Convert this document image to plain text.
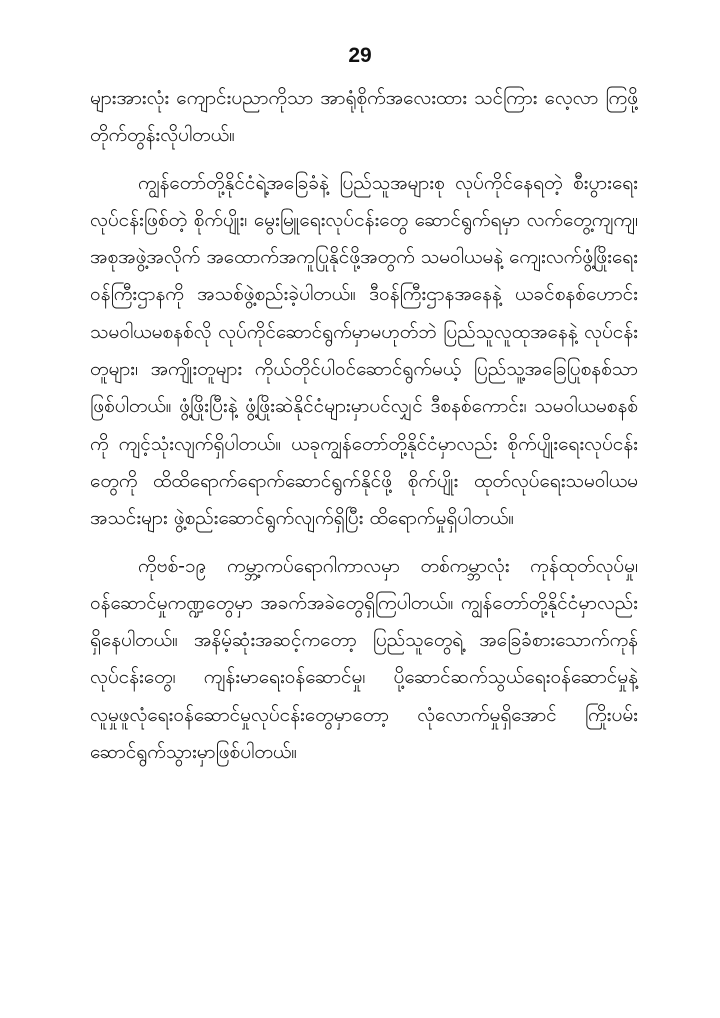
29

များအားလုံး ကျောင်းပညာကိုသာ အာရုံစိုက်အလေးထား သင်ကြား လေ့လာ ကြဖို့ တိုက်တွန်းလိုပါတယ်။

ကျွန်တော်တို့နိုင်ငံရဲ့အခြေခံနဲ့ ပြည်သူအများစု လုပ်ကိုင်နေရတဲ့ စီးပွားရေးလုပ်ငန်းဖြစ်တဲ့ စိုက်ပျိုး၊ မွေးမြူရေးလုပ်ငန်းတွေ ဆောင်ရွက်ရမှာ လက်တွေ့ကျကျ၊ အစုအဖွဲ့အလိုက် အထောက်အကူပြုနိုင်ဖို့အတွက် သမဝါယမနဲ့ ကျေးလက်ဖွံ့ဖြိုးရေးဝန်ကြီးဌာနကို အသစ်ဖွဲ့စည်းခဲ့ပါတယ်။ ဒီဝန်ကြီးဌာနအနေနဲ့ ယခင်စနစ်ဟောင်း သမဝါယမစနစ်လို လုပ်ကိုင်ဆောင်ရွက်မှာမဟုတ်ဘဲ ပြည်သူလူထုအနေနဲ့ လုပ်ငန်းတူများ၊ အကျိုးတူများ ကိုယ်တိုင်ပါဝင်ဆောင်ရွက်မယ့် ပြည်သူ့အခြေပြုစနစ်သာ ဖြစ်ပါတယ်။ ဖွံ့ဖြိုးပြီးနဲ့ ဖွံ့ဖြိုးဆဲနိုင်ငံများမှာပင်လျှင် ဒီစနစ်ကောင်း၊ သမဝါယမစနစ်ကို ကျင့်သုံးလျက်ရှိပါတယ်။ ယခုကျွန်တော်တို့နိုင်ငံမှာလည်း စိုက်ပျိုးရေးလုပ်ငန်းတွေကို ထိထိရောက်ရောက်ဆောင်ရွက်နိုင်ဖို့ စိုက်ပျိုး ထုတ်လုပ်ရေးသမဝါယမအသင်းများ ဖွဲ့စည်းဆောင်ရွက်လျက်ရှိပြီး ထိရောက်မှုရှိပါတယ်။

ကိုဗစ်-၁၉ ကမ္ဘာ့ကပ်ရောဂါကာလမှာ တစ်ကမ္ဘာလုံး ကုန်ထုတ်လုပ်မှု၊ ဝန်ဆောင်မှုကဏ္ဍတွေမှာ အခက်အခဲတွေရှိကြပါတယ်။ ကျွန်တော်တို့နိုင်ငံမှာလည်း ရှိနေပါတယ်။ အနိမ့်ဆုံးအဆင့်ကတော့ ပြည်သူတွေရဲ့ အခြေခံစားသောက်ကုန်လုပ်ငန်းတွေ၊ ကျန်းမာရေးဝန်ဆောင်မှု၊ ပို့ဆောင်ဆက်သွယ်ရေးဝန်ဆောင်မှုနဲ့ လူမှုဖူလုံရေးဝန်ဆောင်မှုလုပ်ငန်းတွေမှာတော့ လုံလောက်မှုရှိအောင် ကြိုးပမ်းဆောင်ရွက်သွားမှာဖြစ်ပါတယ်။
